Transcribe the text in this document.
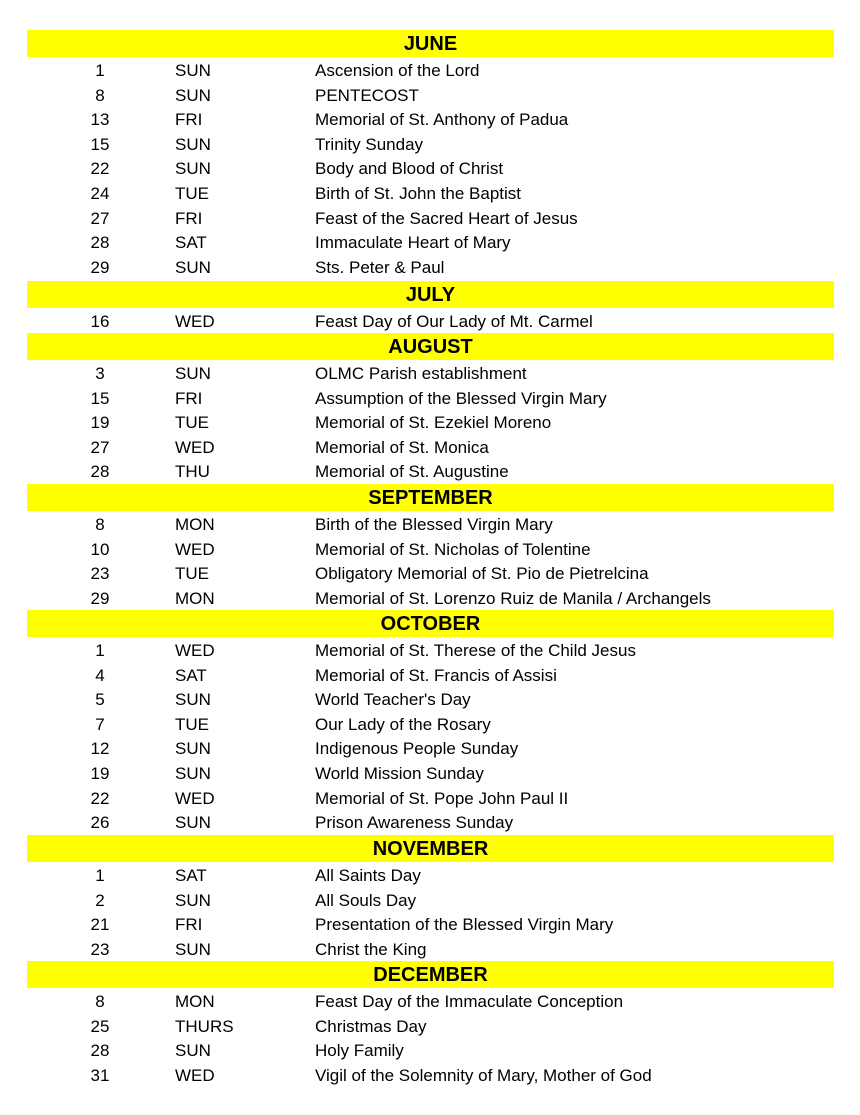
JUNE
1	SUN	Ascension of the Lord
8	SUN	PENTECOST
13	FRI	Memorial of St. Anthony of Padua
15	SUN	Trinity Sunday
22	SUN	Body and Blood of Christ
24	TUE	Birth of St. John the Baptist
27	FRI	Feast of the Sacred Heart of Jesus
28	SAT	Immaculate Heart of Mary
29	SUN	Sts. Peter & Paul
JULY
16	WED	Feast Day of Our Lady of Mt. Carmel
AUGUST
3	SUN	OLMC Parish establishment
15	FRI	Assumption of the Blessed Virgin Mary
19	TUE	Memorial of St. Ezekiel Moreno
27	WED	Memorial of St. Monica
28	THU	Memorial of St. Augustine
SEPTEMBER
8	MON	Birth of the Blessed Virgin Mary
10	WED	Memorial of St. Nicholas of Tolentine
23	TUE	Obligatory Memorial of St. Pio de Pietrelcina
29	MON	Memorial of St. Lorenzo Ruiz de Manila / Archangels
OCTOBER
1	WED	Memorial of St. Therese of the Child Jesus
4	SAT	Memorial of St. Francis of Assisi
5	SUN	World Teacher's Day
7	TUE	Our Lady of the Rosary
12	SUN	Indigenous People Sunday
19	SUN	World Mission Sunday
22	WED	Memorial of St. Pope John Paul II
26	SUN	Prison Awareness Sunday
NOVEMBER
1	SAT	All Saints Day
2	SUN	All Souls Day
21	FRI	Presentation of the Blessed Virgin Mary
23	SUN	Christ the King
DECEMBER
8	MON	Feast Day of the Immaculate Conception
25	THURS	Christmas Day
28	SUN	Holy Family
31	WED	Vigil of the Solemnity of Mary, Mother of God
